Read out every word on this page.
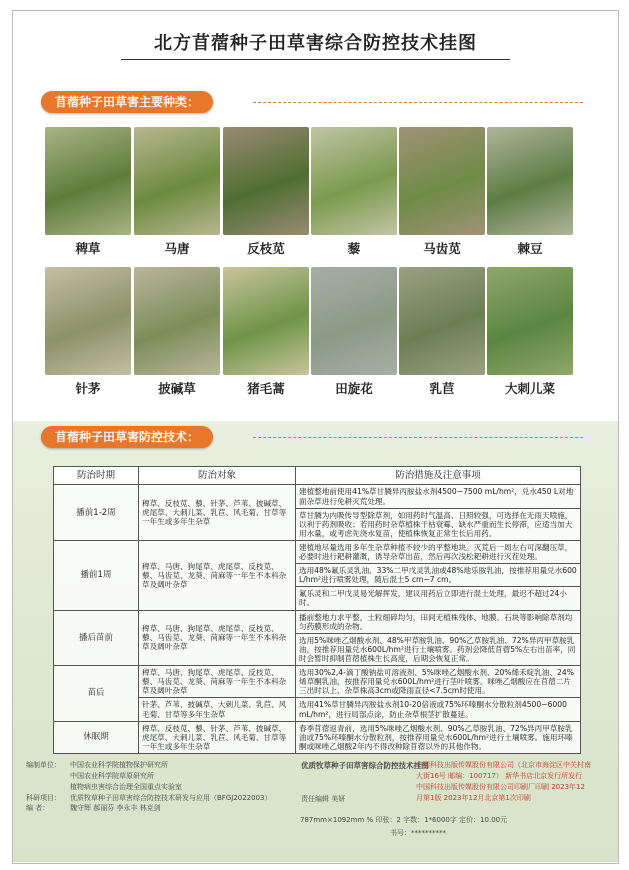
北方苜蓿种子田草害综合防控技术挂图
苜蓿种子田草害主要种类：
稗草	马唐	反枝苋	藜	马齿苋	棘豆
针茅	披碱草	猪毛蒿	田旋花	乳苣	大刺儿菜
苜蓿种子田草害防控技术：
防治时期	防治对象	防治措施及注意事项
播前1-2周	稗草、反枝苋、藜、针茅、芦苇、披碱草、虎尾草、大刺儿菜、乳苣、风毛菊、甘草等一年生或多年生杂草	建植整地前使用41%草甘膦异丙胺盐水剂4500~7500 mL/hm²，兑水450 L对地面杂草进行免耕灭荒处理。
		草甘膦为内吸传导型除草剂，如用药时气温高、日照较强，可选择在无雨天喷施，以利于药剂吸收；若用药时杂草植株干枯衰霉、缺水严重而生长停滞，应适当加大用水量，或考虑先浇水复苗，使植株恢复正常生长后用药。
播前1周	稗草、马唐、狗尾草、虎尾草、反枝苋、藜、马齿苋、龙葵、苘麻等一年生不本科杂草及阔叶杂草	建植地尽量选用多年生杂草种植不较少的平整地块。灭荒后一周左右可深翻压草，必要时进行耙耕灌溉，诱导杂草出苗，然后再次浅松耙耕进行灭茬处理。
		选用48%氟乐灵乳油、33%二甲戊灵乳油或48%地乐胺乳油，按推荐用量兑水600 L/hm²进行喷雾处理，随后混土5 cm~7 cm。
		氟乐灵和二甲戊灵易光解挥发，建议用药后立即进行混土处理，最迟不超过24小时。
播后苗前	稗草、马唐、狗尾草、虎尾草、反枝苋、藜、马齿苋、龙葵、苘麻等一年生不本科杂草及阔叶杂草	播前整地力求平整，土粒细碎均匀，田间无植株残体、地膜、石块等影响除草剂均匀药膜形成的杂物。
		选用5%咪唑乙烟酸水剂、48%甲草胺乳油、90%乙草胺乳油、72%异丙甲草胺乳油，按推荐用量兑水600L/hm²进行土壤喷雾。药剂会降低苜蓿5%左右出苗率，同时会暂时抑制苜蓿植株生长高度，后期会恢复正常。
苗后	稗草、马唐、狗尾草、虎尾草、反枝苋、藜、马齿苋、龙葵、苘麻等一年生不本科杂草及阔叶杂草	选用30%2,4-滴丁酸钠盐可溶液剂、5%咪唑乙烟酸水剂、20%烯禾啶乳油、24%烯草酮乳油，按推荐用量兑水600L/hm²进行茎叶喷雾。咪唑乙烟酸应在苜蓿二片三出时以上、杂草株高3cm或降雨直径<7.5cm时使用。
	针茅、芦苇、披碱草、大刺儿菜、乳苣、风毛菊、甘草等多年生杂草	选用41%草甘膦异丙胺盐水剂10-20倍液或75%环嗪酮水分散粒剂4500~6000 mL/hm²，进行局部点涂，防止杂草根茎扩散蔓延。
休眠期	稗草、反枝苋、藜、针茅、芦苇、披碱草、虎尾草、大刺儿菜、乳苣、风毛菊、甘草等一年生或多年生杂草	春季苜蓿返青前，选用5%咪唑乙烟酸水剂、90%乙草胺乳油、72%异丙甲草胺乳油或75%环嗪酮水分散粒剂，按推荐用量兑水600L/hm²进行土壤喷雾。施用环嗪酮或咪唑乙烟酸2年内不得改种除苜蓿以外的其他作物。
编制单位：	中国农业科学院植物保护研究所
中国农业科学院草原研究所
植物病虫害综合治理全国重点实验室
科研项目：	优质牧草种子田草害综合防控技术研发与应用（BFGJ2022003）
编 者：	魏守辉 郝丽芬 李永丰 林克剑
优质牧草种子田草害综合防控技术挂图
责任编辑 美妍
中国科技出版传媒股份有限公司（北京市海淀区中关村南大街16号 邮编：100717） 新华书店北京发行所发行 中国科技出版传媒股份有限公司印刷厂印刷 2023年12月第1版 2023年12月北京第1次印刷
787mm×1092mm % 印张：2 字数：1*6000字 定价：10.00元
书号：**********
